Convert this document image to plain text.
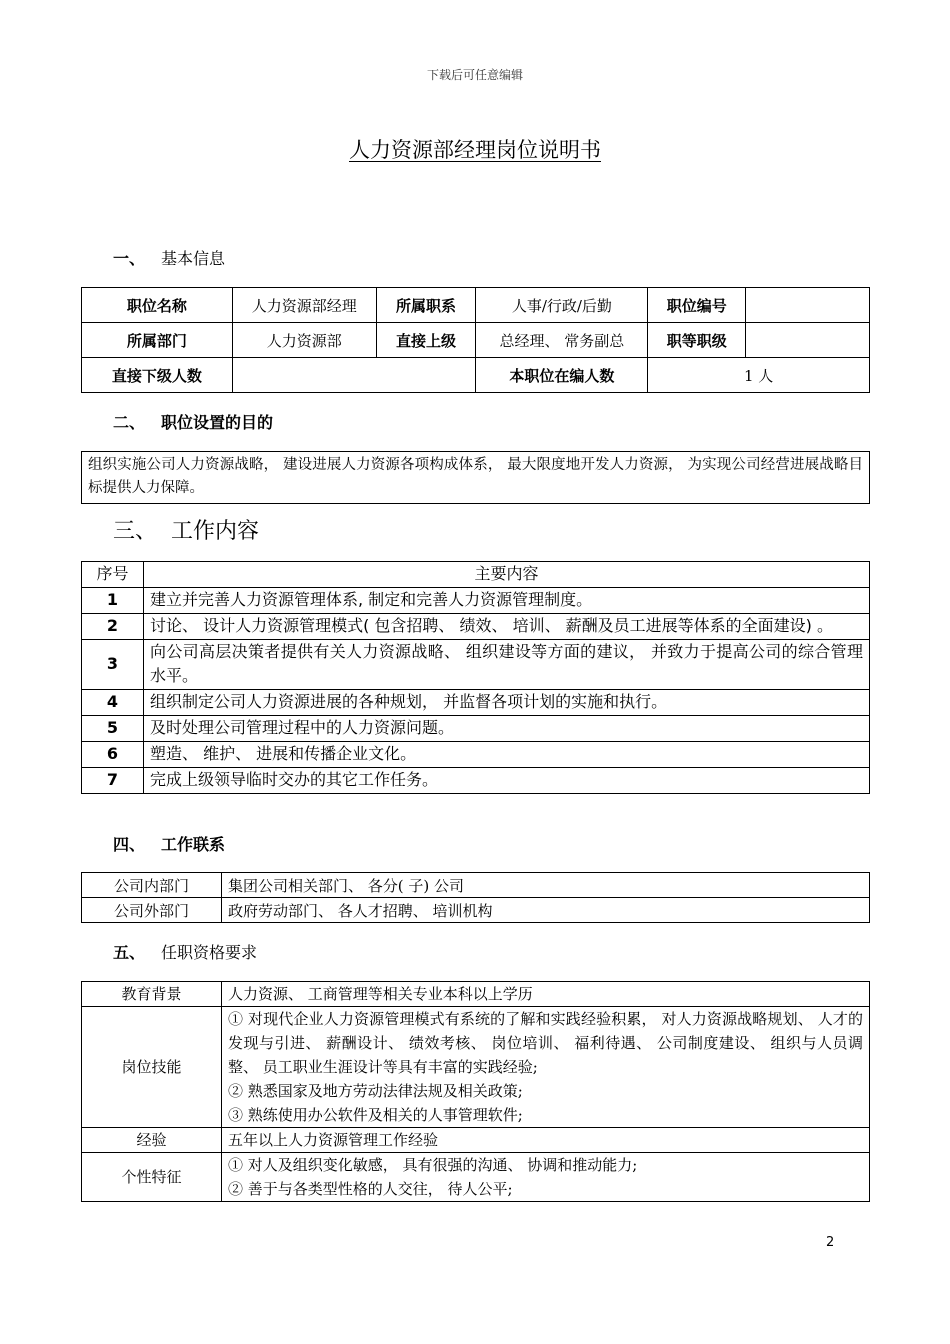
下载后可任意编辑
人力资源部经理岗位说明书
一、 基本信息
职位名称	人力资源部经理	所属职系	人事/行政/后勤	职位编号	
所属部门	人力资源部	直接上级	总经理、 常务副总	职等职级	
直接下级人数			本职位在编人数	1 人	
二、 职位设置的目的
组织实施公司人力资源战略， 建设进展人力资源各项构成体系， 最大限度地开发人力资源， 为实现公司经营进展战略目标提供人力保障。
三、 工作内容
序号	主要内容
1	建立并完善人力资源管理体系, 制定和完善人力资源管理制度。
2	讨论、 设计人力资源管理模式( 包含招聘、 绩效、 培训、 薪酬及员工进展等体系的全面建设) 。
3	向公司高层决策者提供有关人力资源战略、 组织建设等方面的建议， 并致力于提高公司的综合管理水平。
4	组织制定公司人力资源进展的各种规划， 并监督各项计划的实施和执行。
5	及时处理公司管理过程中的人力资源问题。
6	塑造、 维护、 进展和传播企业文化。
7	完成上级领导临时交办的其它工作任务。
四、 工作联系
公司内部门	集团公司相关部门、 各分( 子) 公司
公司外部门	政府劳动部门、 各人才招聘、 培训机构
五、 任职资格要求
教育背景	人力资源、 工商管理等相关专业本科以上学历
岗位技能	① 对现代企业人力资源管理模式有系统的了解和实践经验积累， 对人力资源战略规划、 人才的发现与引进、 薪酬设计、 绩效考核、 岗位培训、 福利待遇、 公司制度建设、 组织与人员调整、 员工职业生涯设计等具有丰富的实践经验;
② 熟悉国家及地方劳动法律法规及相关政策;
③ 熟练使用办公软件及相关的人事管理软件;

经验	五年以上人力资源管理工作经验
个性特征	① 对人及组织变化敏感， 具有很强的沟通、 协调和推动能力;
② 善于与各类型性格的人交往， 待人公平;
2
